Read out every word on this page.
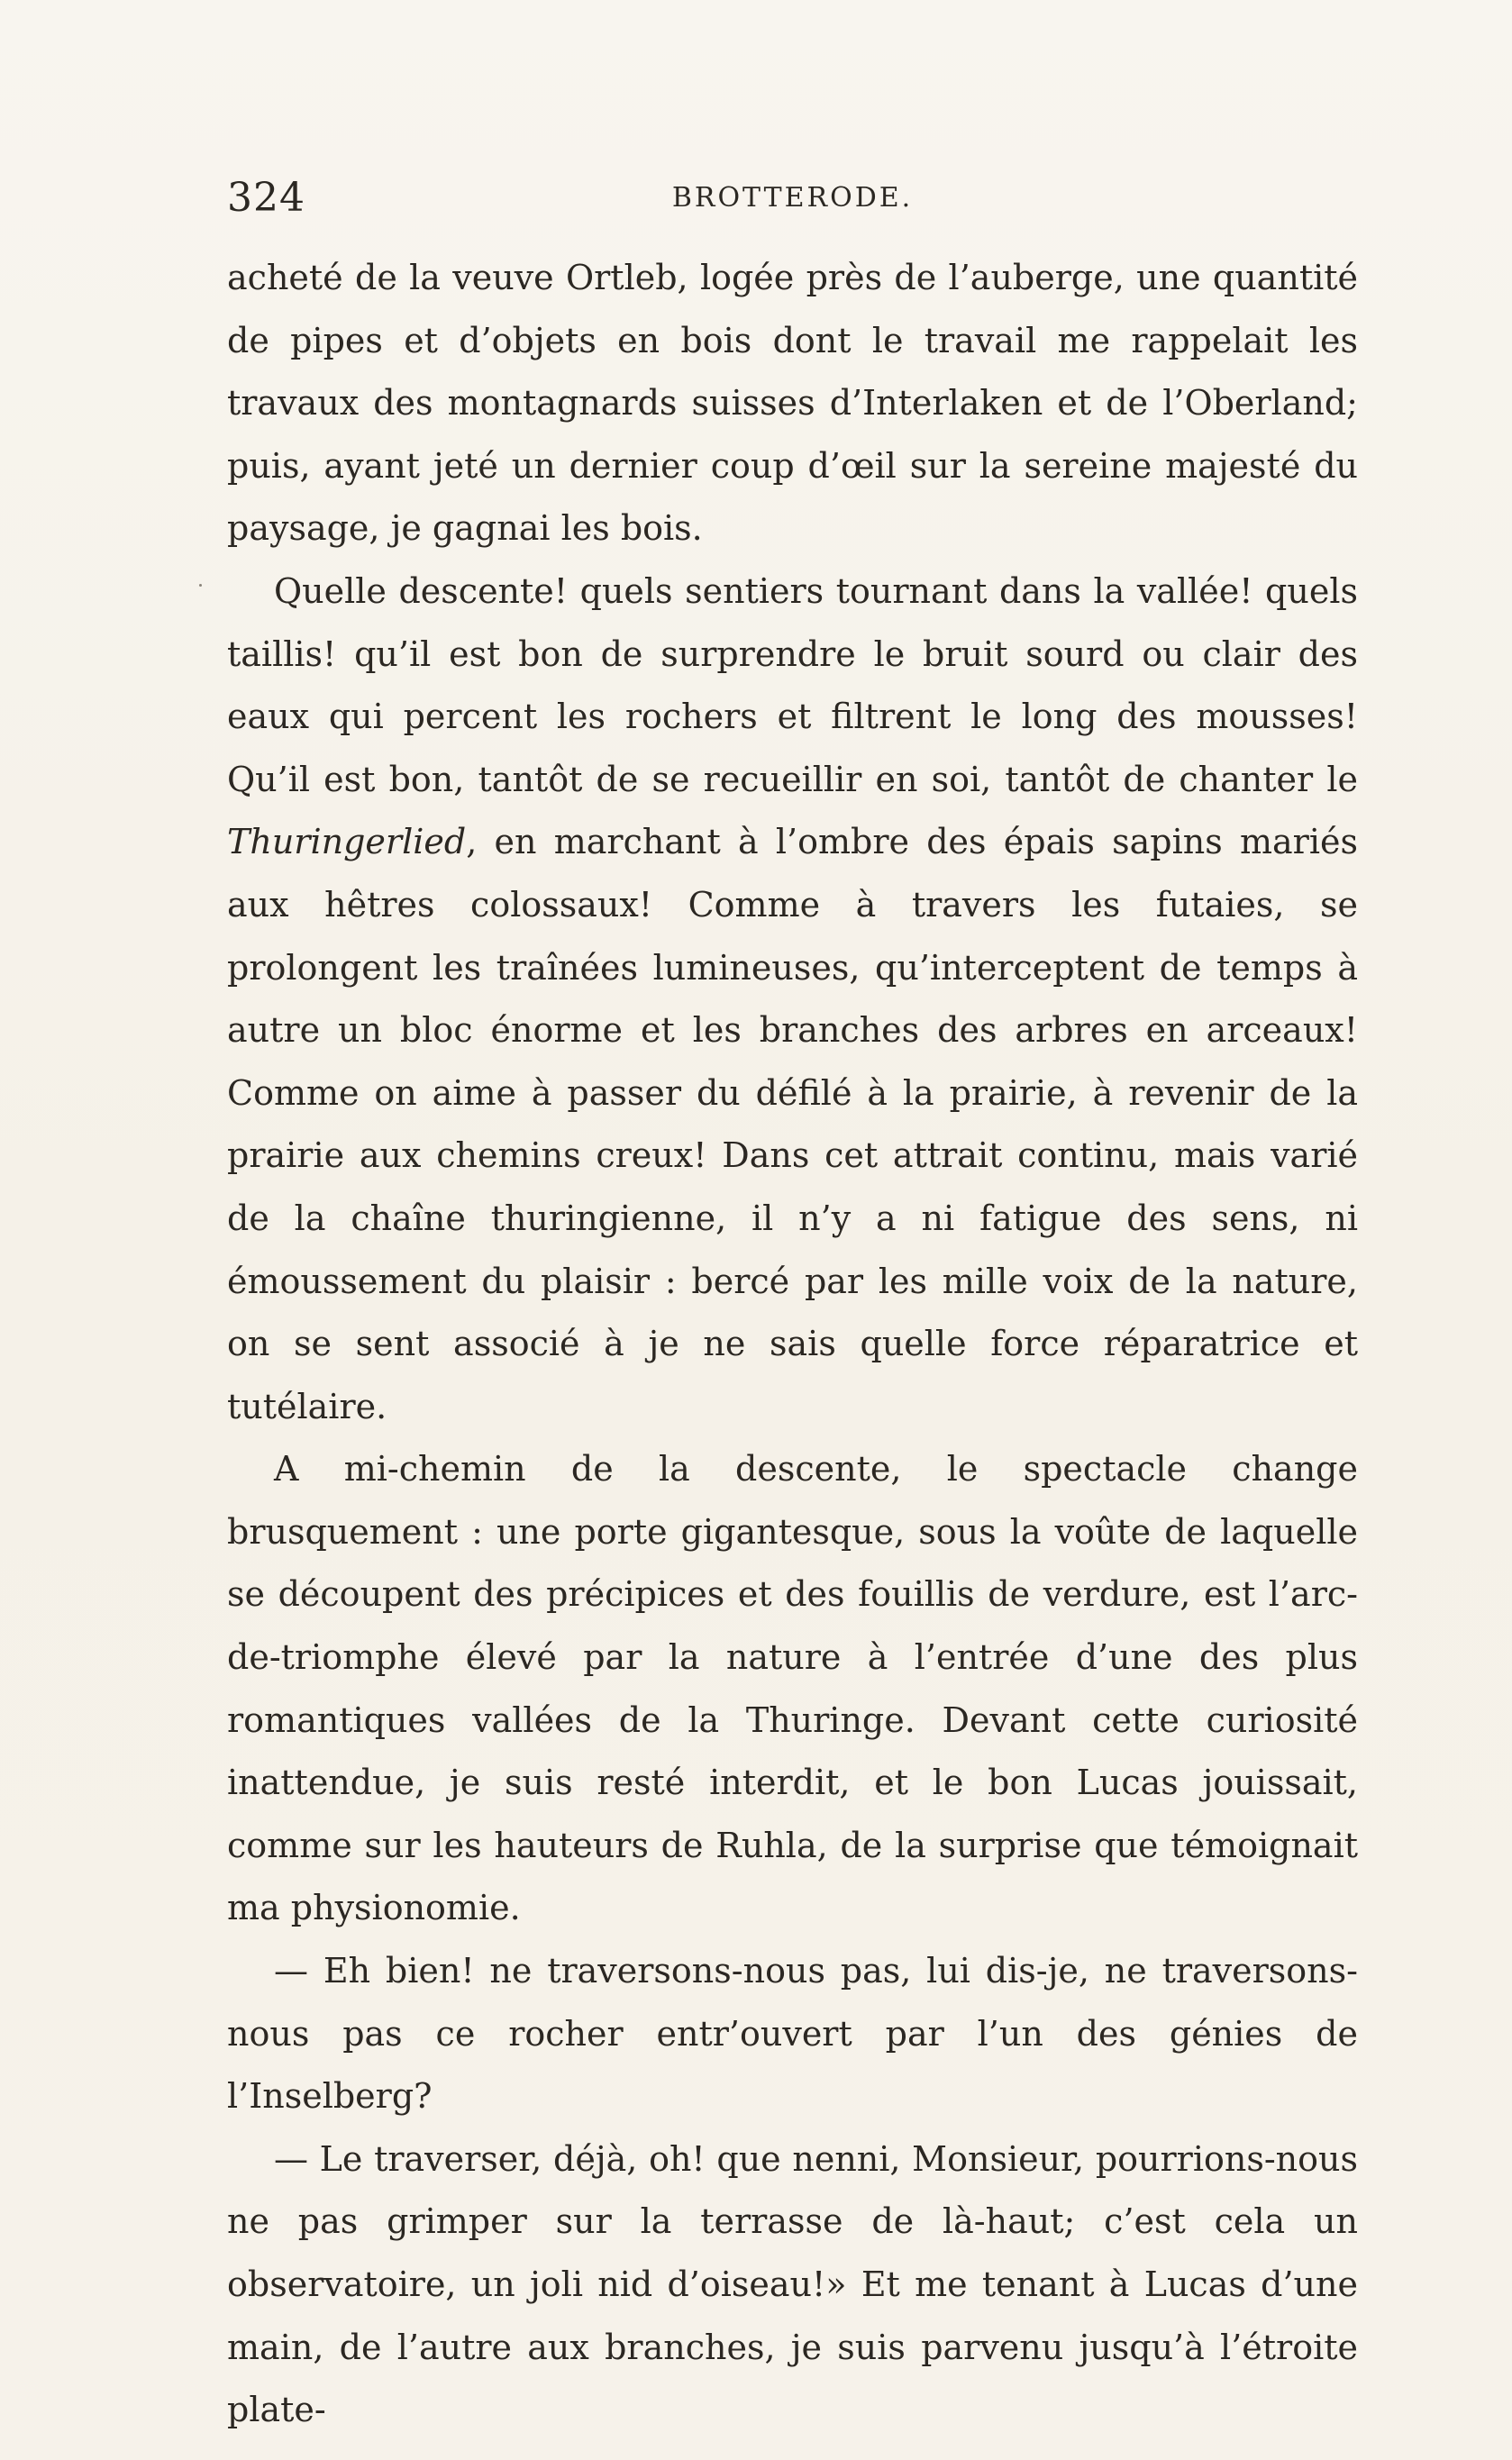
324	BROTTERODE.

acheté de la veuve Ortleb, logée près de l’auberge, une quantité de pipes et d’objets en bois dont le travail me rappelait les travaux des montagnards suisses d’Interlaken et de l’Oberland; puis, ayant jeté un dernier coup d’œil sur la sereine majesté du paysage, je gagnai les bois.

Quelle descente! quels sentiers tournant dans la vallée! quels taillis! qu’il est bon de surprendre le bruit sourd ou clair des eaux qui percent les rochers et filtrent le long des mousses! Qu’il est bon, tantôt de se recueillir en soi, tantôt de chanter le Thuringerlied, en marchant à l’ombre des épais sapins mariés aux hêtres colossaux! Comme à travers les futaies, se prolongent les traînées lumineuses, qu’interceptent de temps à autre un bloc énorme et les branches des arbres en arceaux! Comme on aime à passer du défilé à la prairie, à revenir de la prairie aux chemins creux! Dans cet attrait continu, mais varié de la chaîne thuringienne, il n’y a ni fatigue des sens, ni émoussement du plaisir : bercé par les mille voix de la nature, on se sent associé à je ne sais quelle force réparatrice et tutélaire.

A mi-chemin de la descente, le spectacle change brusquement : une porte gigantesque, sous la voûte de laquelle se découpent des précipices et des fouillis de verdure, est l’arc-de-triomphe élevé par la nature à l’entrée d’une des plus romantiques vallées de la Thuringe. Devant cette curiosité inattendue, je suis resté interdit, et le bon Lucas jouissait, comme sur les hauteurs de Ruhla, de la surprise que témoignait ma physionomie.

— Eh bien! ne traversons-nous pas, lui dis-je, ne traversons-nous pas ce rocher entr’ouvert par l’un des génies de l’Inselberg?

— Le traverser, déjà, oh! que nenni, Monsieur, pourrions-nous ne pas grimper sur la terrasse de là-haut; c’est cela un observatoire, un joli nid d’oiseau!» Et me tenant à Lucas d’une main, de l’autre aux branches, je suis parvenu jusqu’à l’étroite plate-
